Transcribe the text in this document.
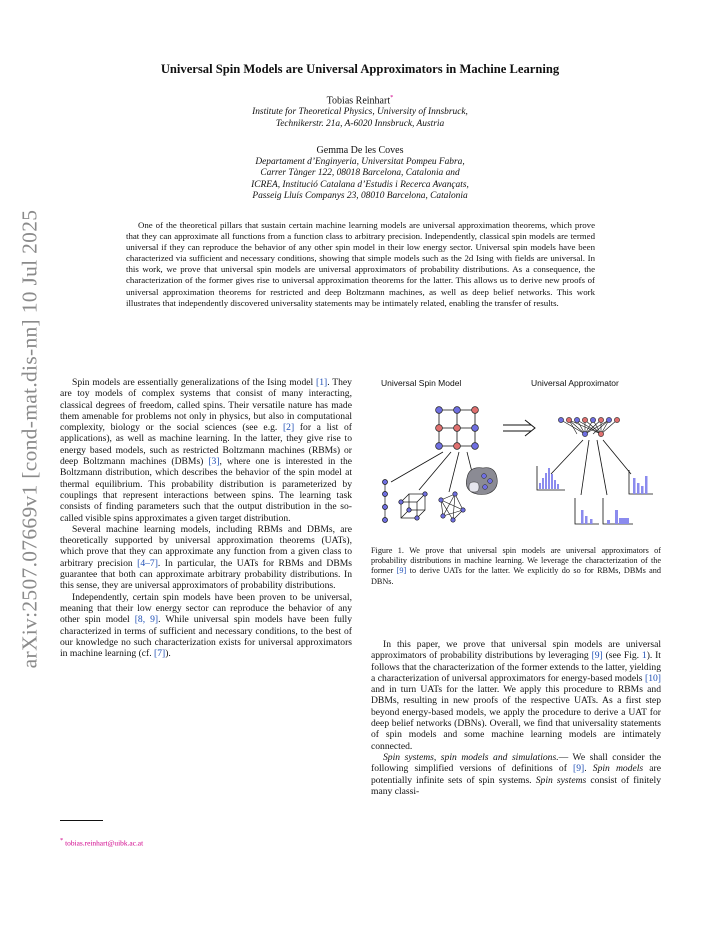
arXiv:2507.07669v1 [cond-mat.dis-nn] 10 Jul 2025
Universal Spin Models are Universal Approximators in Machine Learning
Tobias Reinhart*
Institute for Theoretical Physics, University of Innsbruck,
Technikerstr. 21a, A-6020 Innsbruck, Austria
Gemma De les Coves
Departament d’Enginyeria, Universitat Pompeu Fabra,
Carrer Tànger 122, 08018 Barcelona, Catalonia and
ICREA, Institució Catalana d’Estudis i Recerca Avançats,
Passeig Lluís Companys 23, 08010 Barcelona, Catalonia
One of the theoretical pillars that sustain certain machine learning models are universal approximation theorems, which prove that they can approximate all functions from a function class to arbitrary precision. Independently, classical spin models are termed universal if they can reproduce the behavior of any other spin model in their low energy sector. Universal spin models have been characterized via sufficient and necessary conditions, showing that simple models such as the 2d Ising with fields are universal. In this work, we prove that universal spin models are universal approximators of probability distributions. As a consequence, the characterization of the former gives rise to universal approximation theorems for the latter. This allows us to derive new proofs of universal approximation theorems for restricted and deep Boltzmann machines, as well as deep belief networks. This work illustrates that independently discovered universality statements may be intimately related, enabling the transfer of results.

Spin models are essentially generalizations of the Ising model [1]. They are toy models of complex systems that consist of many interacting, classical degrees of freedom, called spins. Their versatile nature has made them amenable for problems not only in physics, but also in computational complexity, biology or the social sciences (see e.g. [2] for a list of applications), as well as machine learning. In the latter, they give rise to energy based models, such as restricted Boltzmann machines (RBMs) or deep Boltzmann machines (DBMs) [3], where one is interested in the Boltzmann distribution, which describes the behavior of the spin model at thermal equilibrium. This probability distribution is parameterized by couplings that represent interactions between spins. The learning task consists of finding parameters such that the output distribution in the so-called visible spins approximates a given target distribution.

Several machine learning models, including RBMs and DBMs, are theoretically supported by universal approximation theorems (UATs), which prove that they can approximate any function from a given class to arbitrary precision [4–7]. In particular, the UATs for RBMs and DBMs guarantee that both can approximate arbitrary probability distributions. In this sense, they are universal approximators of probability distributions.

Independently, certain spin models have been proven to be universal, meaning that their low energy sector can reproduce the behavior of any other spin model [8, 9]. While universal spin models have been fully characterized in terms of sufficient and necessary conditions, to the best of our knowledge no such characterization exists for universal approximators in machine learning (cf. [7]).

Universal Spin Model	Universal Approximator
Figure 1. We prove that universal spin models are universal approximators of probability distributions in machine learning. We leverage the characterization of the former [9] to derive UATs for the latter. We explicitly do so for RBMs, DBMs and DBNs.

In this paper, we prove that universal spin models are universal approximators of probability distributions by leveraging [9] (see Fig. 1). It follows that the characterization of the former extends to the latter, yielding a characterization of universal approximators for energy-based models [10] and in turn UATs for the latter. We apply this procedure to RBMs and DBMs, resulting in new proofs of the respective UATs. As a first step beyond energy-based models, we apply the procedure to derive a UAT for deep belief networks (DBNs). Overall, we find that universality statements of spin models and some machine learning models are intimately connected.

Spin systems, spin models and simulations.— We shall consider the following simplified versions of definitions of [9]. Spin models are potentially infinite sets of spin systems. Spin systems consist of finitely many classi-

* tobias.reinhart@uibk.ac.at
